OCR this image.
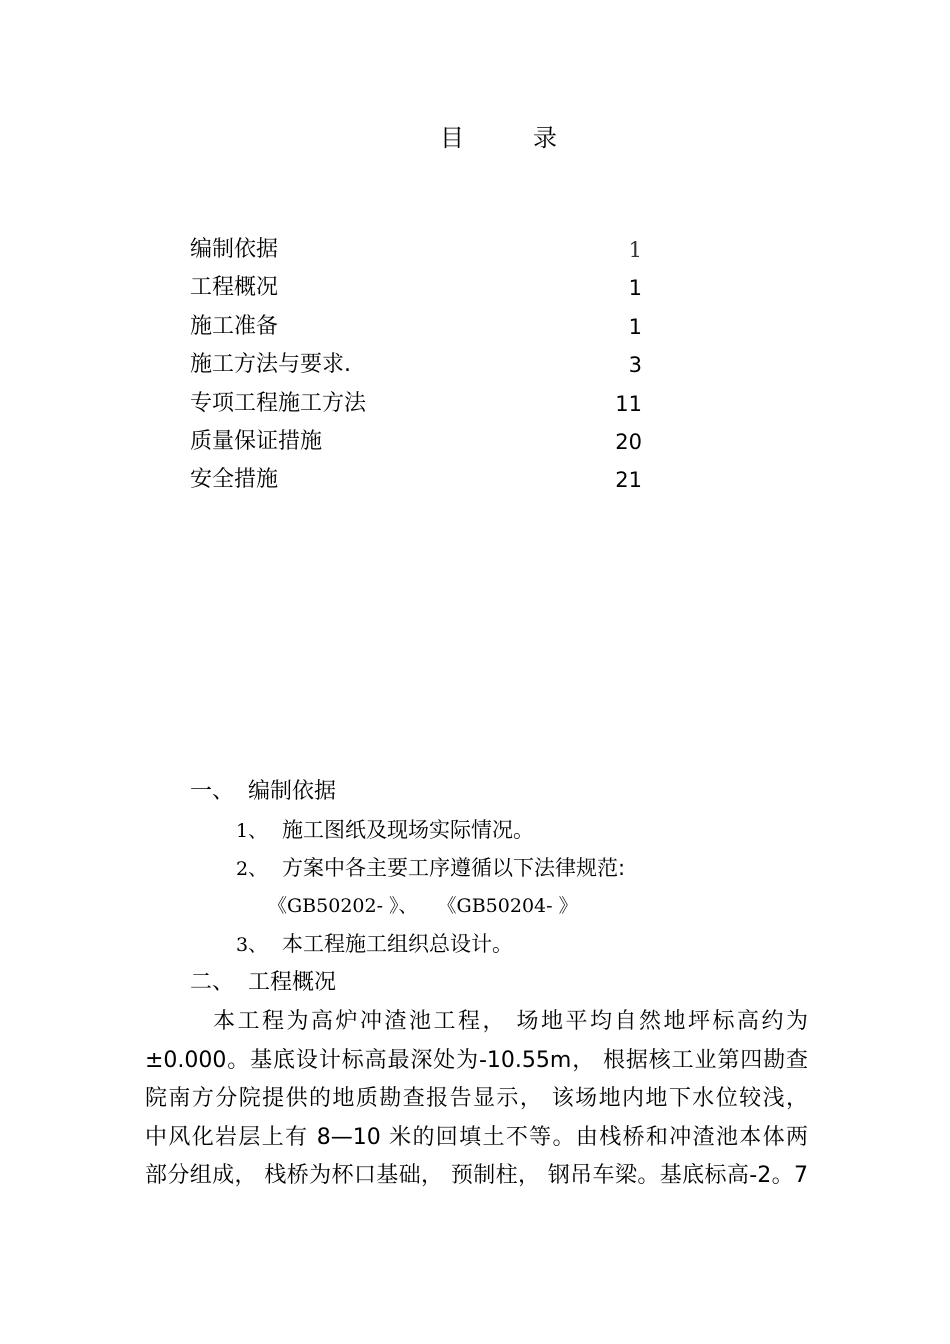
目	录
编制依据	1
工程概况	1
施工准备	1
施工方法与要求.	3
专项工程施工方法	11
质量保证措施	20
安全措施	21
一、 编制依据
1、 施工图纸及现场实际情况。
2、 方案中各主要工序遵循以下法律规范:
《GB50202- 》、 《GB50204- 》
3、 本工程施工组织总设计。
二、 工程概况
本工程为高炉冲渣池工程， 场地平均自然地坪标高约为
±0.000。基底设计标高最深处为-10.55m， 根据核工业第四勘查
院南方分院提供的地质勘查报告显示， 该场地内地下水位较浅，
中风化岩层上有 8—10 米的回填土不等。由栈桥和冲渣池本体两
部分组成， 栈桥为杯口基础， 预制柱， 钢吊车梁。基底标高-2。7
